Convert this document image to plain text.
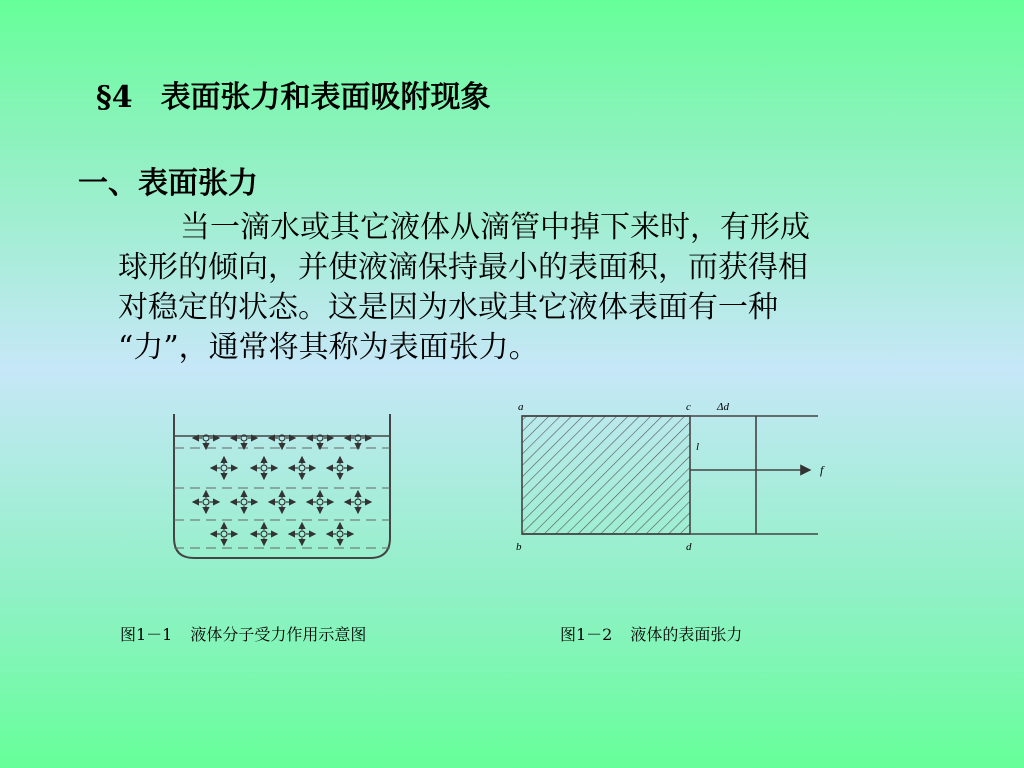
§4 表面张力和表面吸附现象
一、表面张力
当一滴水或其它液体从滴管中掉下来时，有形成
球形的倾向，并使液滴保持最小的表面积，而获得相
对稳定的状态。这是因为水或其它液体表面有一种
“力”，通常将其称为表面张力。
a
b
c
d
l
Δd
f
图1－1 液体分子受力作用示意图	图1－2 液体的表面张力
